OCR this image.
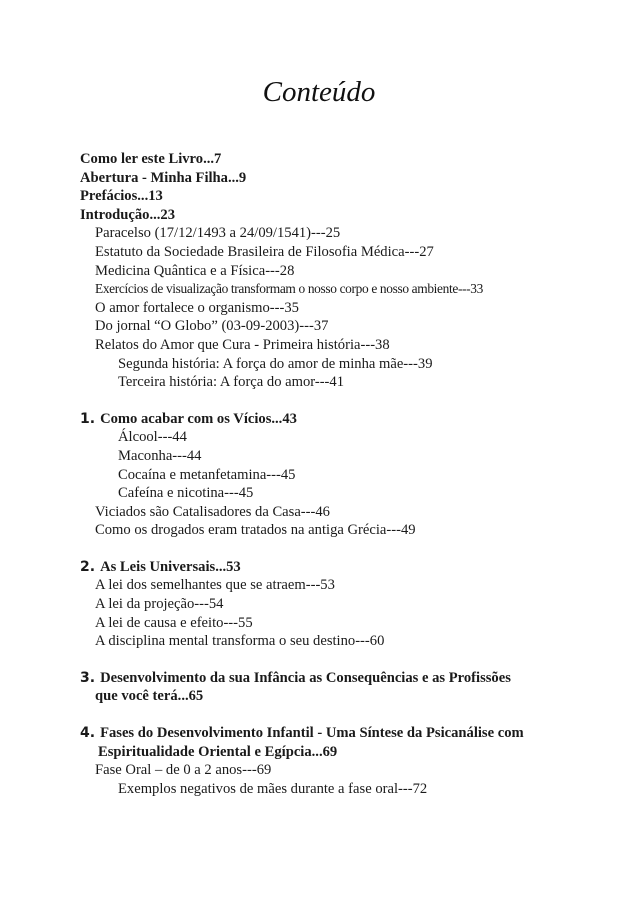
Conteúdo
Como ler este Livro...7
Abertura - Minha Filha...9
Prefácios...13
Introdução...23
Paracelso (17/12/1493 a 24/09/1541)---25
Estatuto da Sociedade Brasileira de Filosofia Médica---27
Medicina Quântica e a Física---28
Exercícios de visualização transformam o nosso corpo e nosso ambiente---33
O amor fortalece o organismo---35
Do jornal “O Globo” (03-09-2003)---37
Relatos do Amor que Cura - Primeira história---38
Segunda história: A força do amor de minha mãe---39
Terceira história: A força do amor---41
1. Como acabar com os Vícios...43
Álcool---44
Maconha---44
Cocaína e metanfetamina---45
Cafeína e nicotina---45
Viciados são Catalisadores da Casa---46
Como os drogados eram tratados na antiga Grécia---49
2. As Leis Universais...53
A lei dos semelhantes que se atraem---53
A lei da projeção---54
A lei de causa e efeito---55
A disciplina mental transforma o seu destino---60
3. Desenvolvimento da sua Infância as Consequências e as Profissões
que você terá...65
4. Fases do Desenvolvimento Infantil - Uma Síntese da Psicanálise com
Espiritualidade Oriental e Egípcia...69
Fase Oral – de 0 a 2 anos---69
Exemplos negativos de mães durante a fase oral---72
